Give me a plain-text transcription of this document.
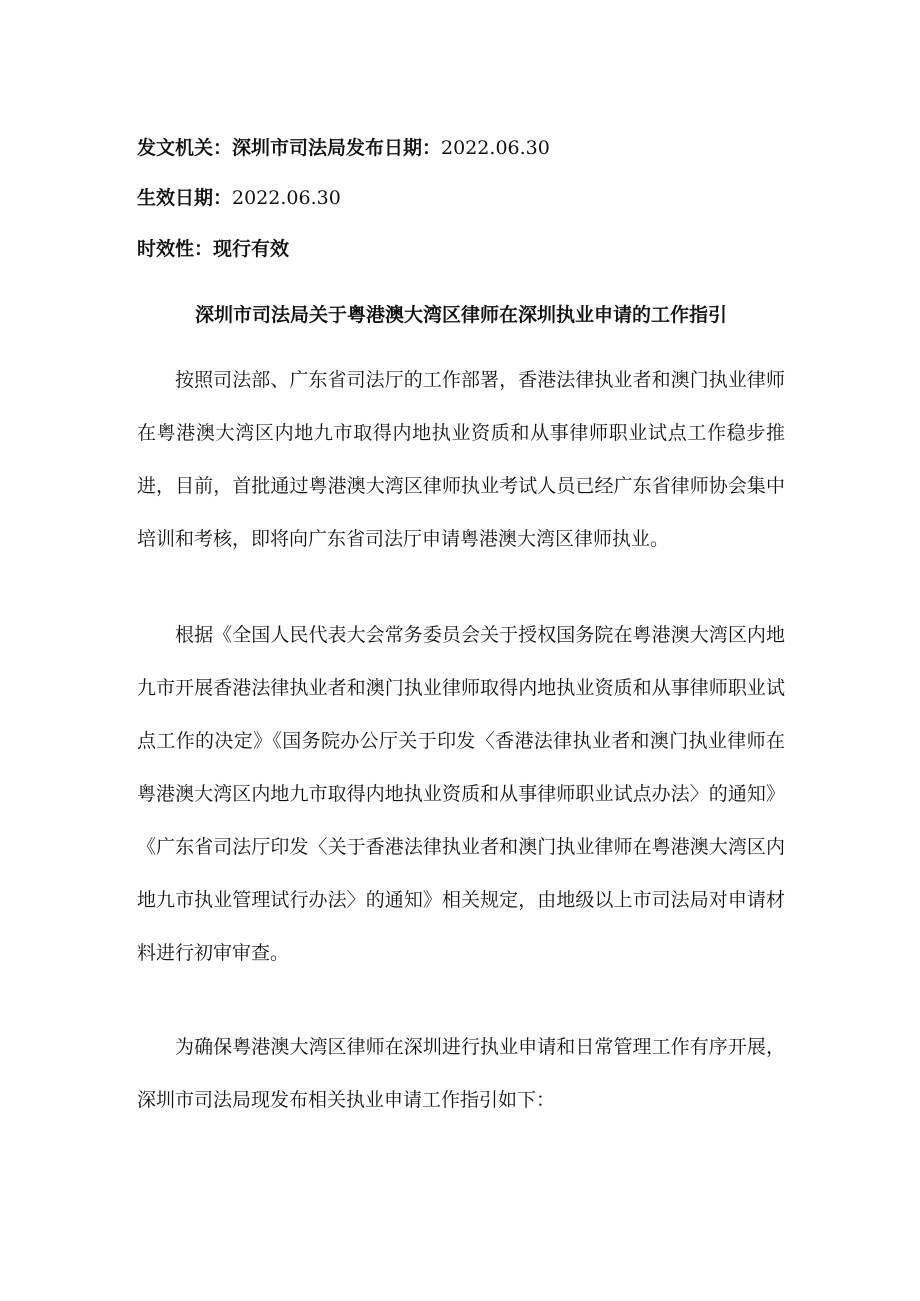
发文机关：深圳市司法局发布日期：2022.06.30
生效日期：2022.06.30
时效性：现行有效
深圳市司法局关于粤港澳大湾区律师在深圳执业申请的工作指引

按照司法部、广东省司法厅的工作部署，香港法律执业者和澳门执业律师在粤港澳大湾区内地九市取得内地执业资质和从事律师职业试点工作稳步推进，目前，首批通过粤港澳大湾区律师执业考试人员已经广东省律师协会集中培训和考核，即将向广东省司法厅申请粤港澳大湾区律师执业。

根据《全国人民代表大会常务委员会关于授权国务院在粤港澳大湾区内地九市开展香港法律执业者和澳门执业律师取得内地执业资质和从事律师职业试点工作的决定》《国务院办公厅关于印发〈香港法律执业者和澳门执业律师在粤港澳大湾区内地九市取得内地执业资质和从事律师职业试点办法〉的通知》《广东省司法厅印发〈关于香港法律执业者和澳门执业律师在粤港澳大湾区内地九市执业管理试行办法〉的通知》相关规定，由地级以上市司法局对申请材料进行初审审查。

为确保粤港澳大湾区律师在深圳进行执业申请和日常管理工作有序开展，深圳市司法局现发布相关执业申请工作指引如下：
